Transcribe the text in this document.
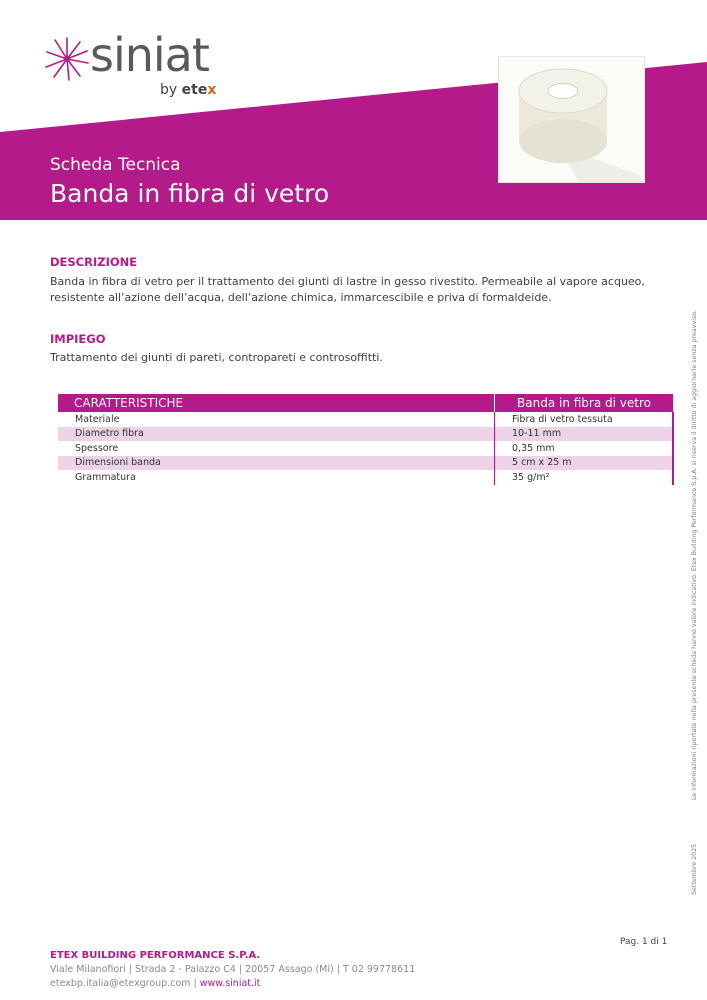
siniat
by etex
Scheda Tecnica
Banda in fibra di vetro
Le informazioni riportate nella presente scheda hanno valore indicativo. Etex Building Performance S.p.A. si riserva il diritto di aggiornarle senza preavviso.
Settembre 2025
DESCRIZIONE
Banda in fibra di vetro per il trattamento dei giunti di lastre in gesso rivestito. Permeabile al vapore acqueo, resistente all’azione dell’acqua, dell’azione chimica, immarcescibile e priva di formaldeide.
IMPIEGO
Trattamento dei giunti di pareti, contropareti e controsoffitti.
CARATTERISTICHE	Banda in fibra di vetro
Materiale	Fibra di vetro tessuta
Diametro fibra	10-11 mm
Spessore	0,35 mm
Dimensioni banda	5 cm x 25 m
Grammatura	35 g/m²
Pag. 1 di 1
ETEX BUILDING PERFORMANCE S.P.A.
Viale Milanofiori | Strada 2 - Palazzo C4 | 20057 Assago (Mi) | T 02 99778611
etexbp.italia@etexgroup.com | www.siniat.it
